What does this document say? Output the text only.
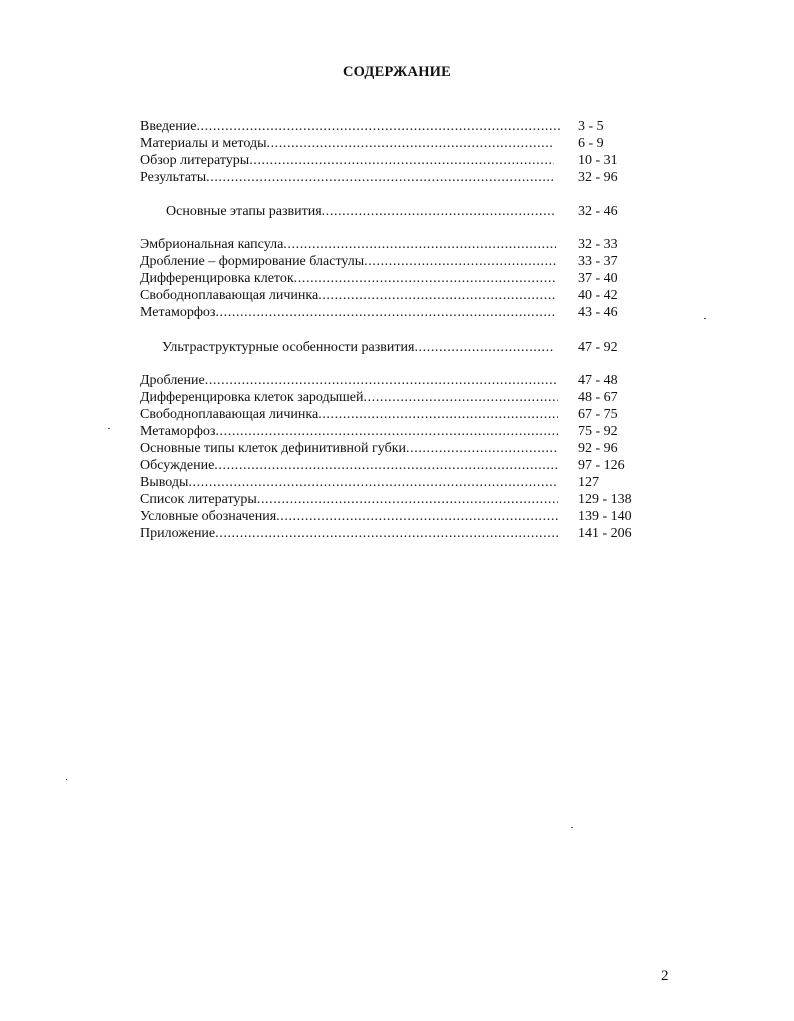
СОДЕРЖАНИЕ
Введение .....
Материалы и методы .....
Обзор литературы .....
Результаты .....
Основные этапы развития .....
Эмбриональная капсула .....
Дробление – формирование бластулы .....
Дифференцировка клеток .....
Свободноплавающая личинка .....
Метаморфоз .....
Ультраструктурные особенности развития .....
Дробление .....
Дифференцировка клеток зародышей .....
Свободноплавающая личинка .....
Метаморфоз .....
Основные типы клеток дефинитивной губки .....
Обсуждение .....
Выводы .....
Список литературы .....
Условные обозначения .....
Приложение .....
3 - 5
6 - 9
10 - 31
32 - 96
32 - 46
32 - 33
33 - 37
37 - 40
40 - 42
43 - 46
47 - 92
47 - 48
48 - 67
67 - 75
75 - 92
92 - 96
97 - 126
127
129 - 138
139 - 140
141 - 206
2
